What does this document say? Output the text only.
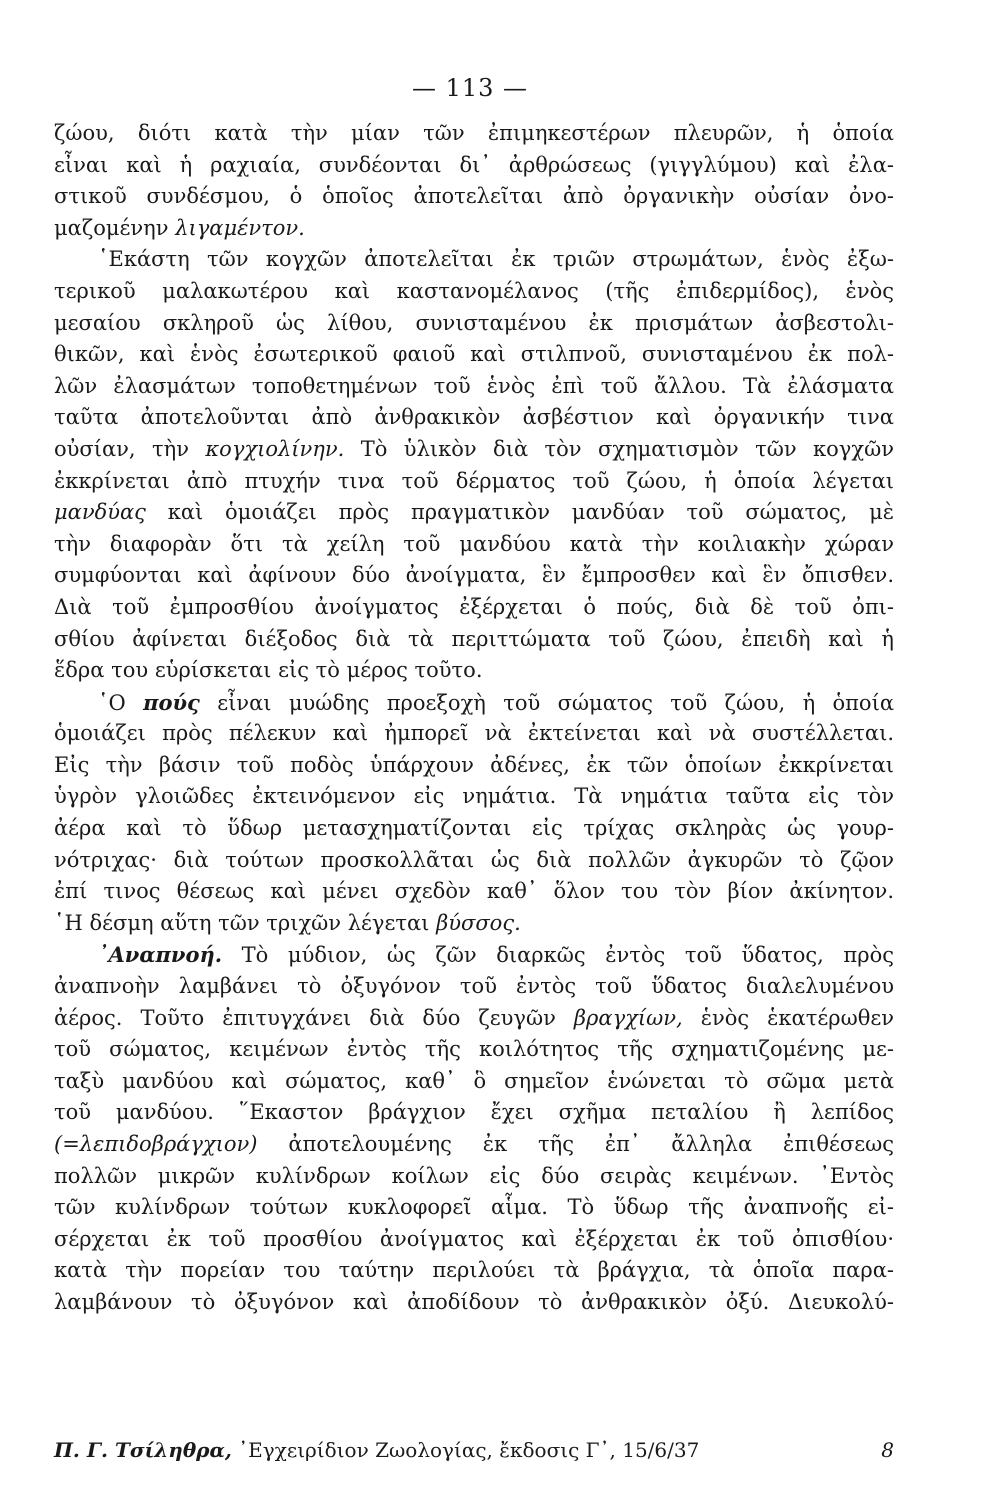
— 113 —
ζώου, διότι κατὰ τὴν μίαν τῶν ἐπιμηκεστέρων πλευρῶν, ἡ ὁποία
εἶναι καὶ ἡ ραχιαία, συνδέονται δι᾽ ἀρθρώσεως (γιγγλύμου) καὶ ἐλα-
στικοῦ συνδέσμου, ὁ ὁποῖος ἀποτελεῖται ἀπὸ ὀργανικὴν οὐσίαν ὀνο-
μαζομένην λιγαμέντον.
῾Εκάστη τῶν κογχῶν ἀποτελεῖται ἐκ τριῶν στρωμάτων, ἑνὸς ἐξω-
τερικοῦ μαλακωτέρου καὶ καστανομέλανος (τῆς ἐπιδερμίδος), ἑνὸς
μεσαίου σκληροῦ ὡς λίθου, συνισταμένου ἐκ πρισμάτων ἀσβεστολι-
θικῶν, καὶ ἑνὸς ἐσωτερικοῦ φαιοῦ καὶ στιλπνοῦ, συνισταμένου ἐκ πολ-
λῶν ἐλασμάτων τοποθετημένων τοῦ ἑνὸς ἐπὶ τοῦ ἄλλου. Τὰ ἐλάσματα
ταῦτα ἀποτελοῦνται ἀπὸ ἀνθρακικὸν ἀσβέστιον καὶ ὀργανικήν τινα
οὐσίαν, τὴν κογχιολίνην. Τὸ ὑλικὸν διὰ τὸν σχηματισμὸν τῶν κογχῶν
ἐκκρίνεται ἀπὸ πτυχήν τινα τοῦ δέρματος τοῦ ζώου, ἡ ὁποία λέγεται
μανδύας καὶ ὁμοιάζει πρὸς πραγματικὸν μανδύαν τοῦ σώματος, μὲ
τὴν διαφορὰν ὅτι τὰ χείλη τοῦ μανδύου κατὰ τὴν κοιλιακὴν χώραν
συμφύονται καὶ ἀφίνουν δύο ἀνοίγματα, ἓν ἔμπροσθεν καὶ ἓν ὄπισθεν.
Διὰ τοῦ ἐμπροσθίου ἀνοίγματος ἐξέρχεται ὁ πούς, διὰ δὲ τοῦ ὀπι-
σθίου ἀφίνεται διέξοδος διὰ τὰ περιττώματα τοῦ ζώου, ἐπειδὴ καὶ ἡ
ἕδρα του εὑρίσκεται εἰς τὸ μέρος τοῦτο.
῾Ο πούς εἶναι μυώδης προεξοχὴ τοῦ σώματος τοῦ ζώου, ἡ ὁποία
ὁμοιάζει πρὸς πέλεκυν καὶ ἠμπορεῖ νὰ ἐκτείνεται καὶ νὰ συστέλλεται.
Εἰς τὴν βάσιν τοῦ ποδὸς ὑπάρχουν ἀδένες, ἐκ τῶν ὁποίων ἐκκρίνεται
ὑγρὸν γλοιῶδες ἐκτεινόμενον εἰς νημάτια. Τὰ νημάτια ταῦτα εἰς τὸν
ἀέρα καὶ τὸ ὕδωρ μετασχηματίζονται εἰς τρίχας σκληρὰς ὡς γουρ-
νότριχας· διὰ τούτων προσκολλᾶται ὡς διὰ πολλῶν ἀγκυρῶν τὸ ζῷον
ἐπί τινος θέσεως καὶ μένει σχεδὸν καθ᾽ ὅλον του τὸν βίον ἀκίνητον.
῾Η δέσμη αὕτη τῶν τριχῶν λέγεται βύσσος.
᾽Αναπνοή. Τὸ μύδιον, ὡς ζῶν διαρκῶς ἐντὸς τοῦ ὕδατος, πρὸς
ἀναπνοὴν λαμβάνει τὸ ὀξυγόνον τοῦ ἐντὸς τοῦ ὕδατος διαλελυμένου
ἀέρος. Τοῦτο ἐπιτυγχάνει διὰ δύο ζευγῶν βραγχίων, ἑνὸς ἑκατέρωθεν
τοῦ σώματος, κειμένων ἐντὸς τῆς κοιλότητος τῆς σχηματιζομένης με-
ταξὺ μανδύου καὶ σώματος, καθ᾽ ὃ σημεῖον ἑνώνεται τὸ σῶμα μετὰ
τοῦ μανδύου. ῞Εκαστον βράγχιον ἔχει σχῆμα πεταλίου ἢ λεπίδος
(=λεπιδοβράγχιον) ἀποτελουμένης ἐκ τῆς ἐπ᾽ ἄλληλα ἐπιθέσεως
πολλῶν μικρῶν κυλίνδρων κοίλων εἰς δύο σειρὰς κειμένων. ᾽Εντὸς
τῶν κυλίνδρων τούτων κυκλοφορεῖ αἷμα. Τὸ ὕδωρ τῆς ἀναπνοῆς εἰ-
σέρχεται ἐκ τοῦ προσθίου ἀνοίγματος καὶ ἐξέρχεται ἐκ τοῦ ὀπισθίου·
κατὰ τὴν πορείαν του ταύτην περιλούει τὰ βράγχια, τὰ ὁποῖα παρα-
λαμβάνουν τὸ ὀξυγόνον καὶ ἀποδίδουν τὸ ἀνθρακικὸν ὀξύ. Διευκολύ-
Π. Γ. Τσίληθρα, ᾽Εγχειρίδιον Ζωολογίας, ἔκδοσις Γ᾽, 15/6/37	8
